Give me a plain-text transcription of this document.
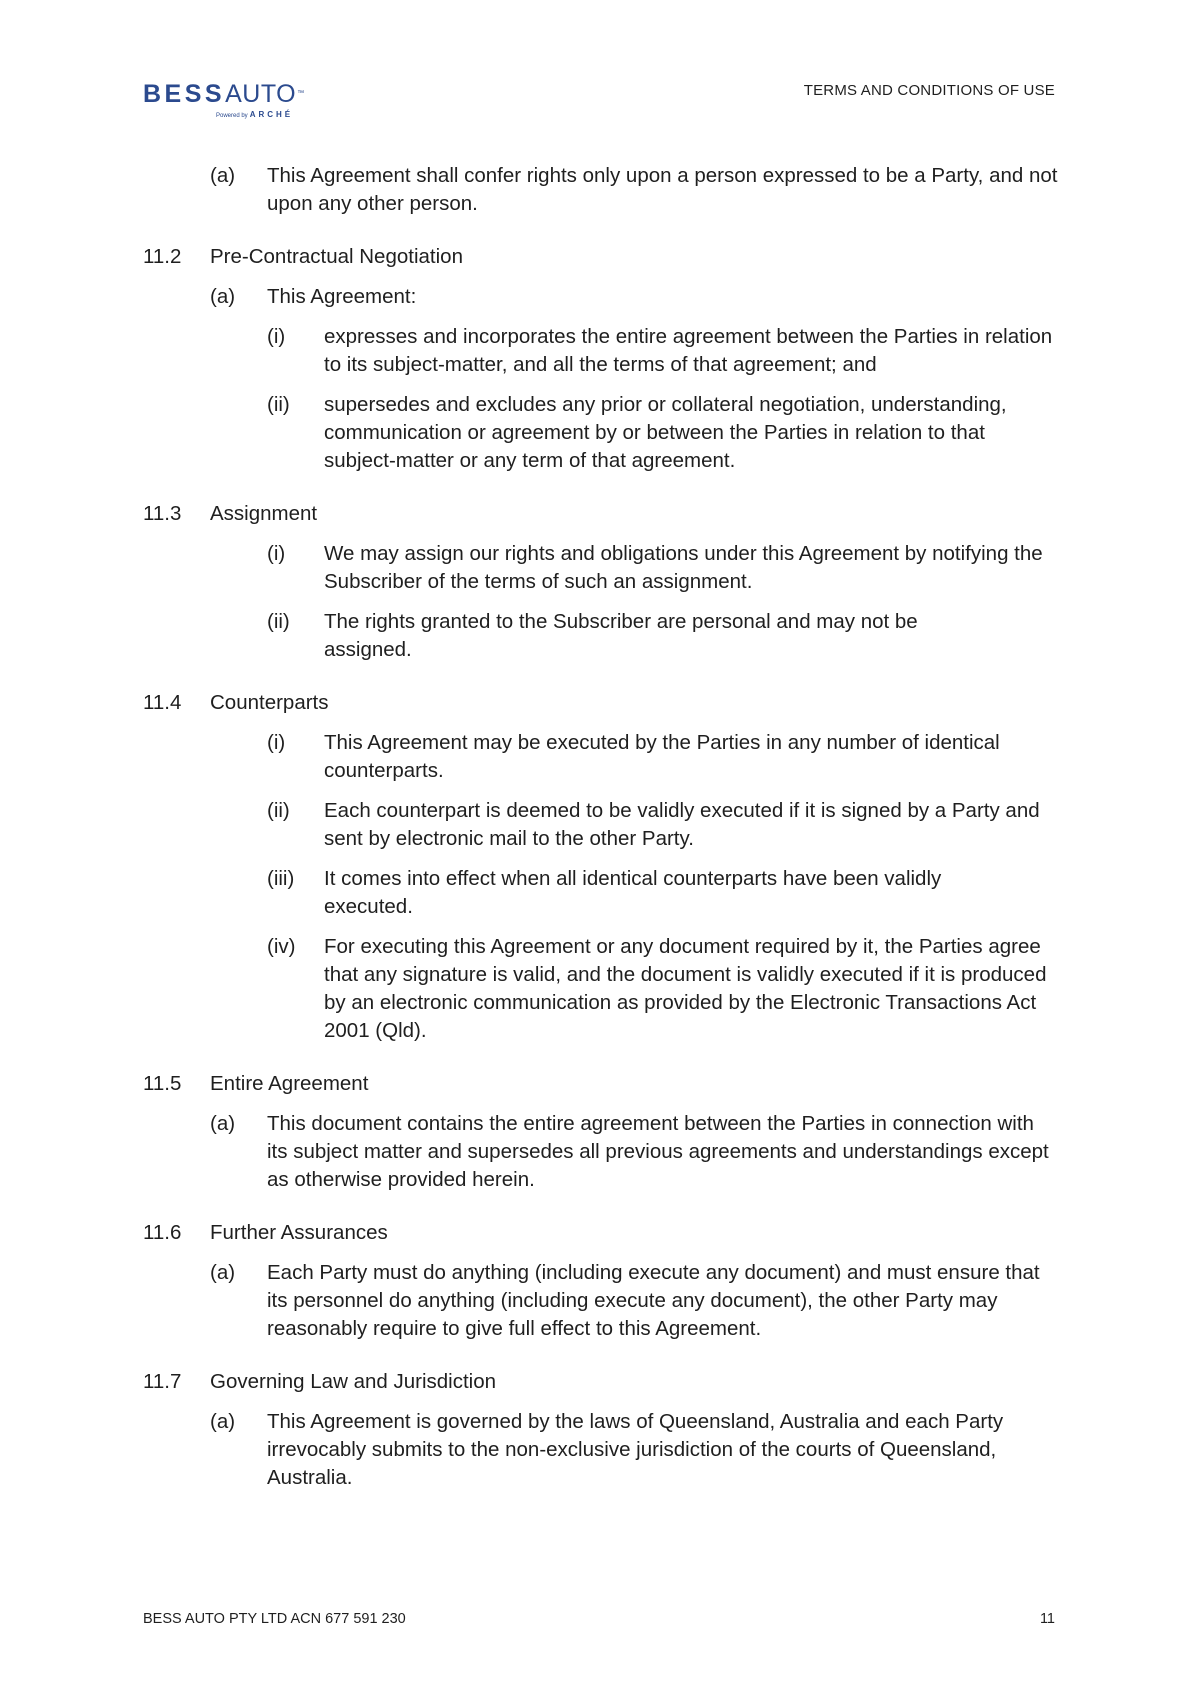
BESSAUTO™
Powered by ARCHÉ
TERMS AND CONDITIONS OF USE
(a) This Agreement shall confer rights only upon a person expressed to be a Party, and not upon any other person.
11.2 Pre-Contractual Negotiation
(a) This Agreement:
(i) expresses and incorporates the entire agreement between the Parties in relation to its subject-matter, and all the terms of that agreement; and
(ii) supersedes and excludes any prior or collateral negotiation, understanding, communication or agreement by or between the Parties in relation to that subject-matter or any term of that agreement.
11.3 Assignment
(i) We may assign our rights and obligations under this Agreement by notifying the Subscriber of the terms of such an assignment.
(ii) The rights granted to the Subscriber are personal and may not be assigned.
11.4 Counterparts
(i) This Agreement may be executed by the Parties in any number of identical counterparts.
(ii) Each counterpart is deemed to be validly executed if it is signed by a Party and sent by electronic mail to the other Party.
(iii) It comes into effect when all identical counterparts have been validly executed.
(iv) For executing this Agreement or any document required by it, the Parties agree that any signature is valid, and the document is validly executed if it is produced by an electronic communication as provided by the Electronic Transactions Act 2001 (Qld).
11.5 Entire Agreement
(a) This document contains the entire agreement between the Parties in connection with its subject matter and supersedes all previous agreements and understandings except as otherwise provided herein.
11.6 Further Assurances
(a) Each Party must do anything (including execute any document) and must ensure that its personnel do anything (including execute any document), the other Party may reasonably require to give full effect to this Agreement.
11.7 Governing Law and Jurisdiction
(a) This Agreement is governed by the laws of Queensland, Australia and each Party irrevocably submits to the non-exclusive jurisdiction of the courts of Queensland, Australia.
BESS AUTO PTY LTD ACN 677 591 230	11
